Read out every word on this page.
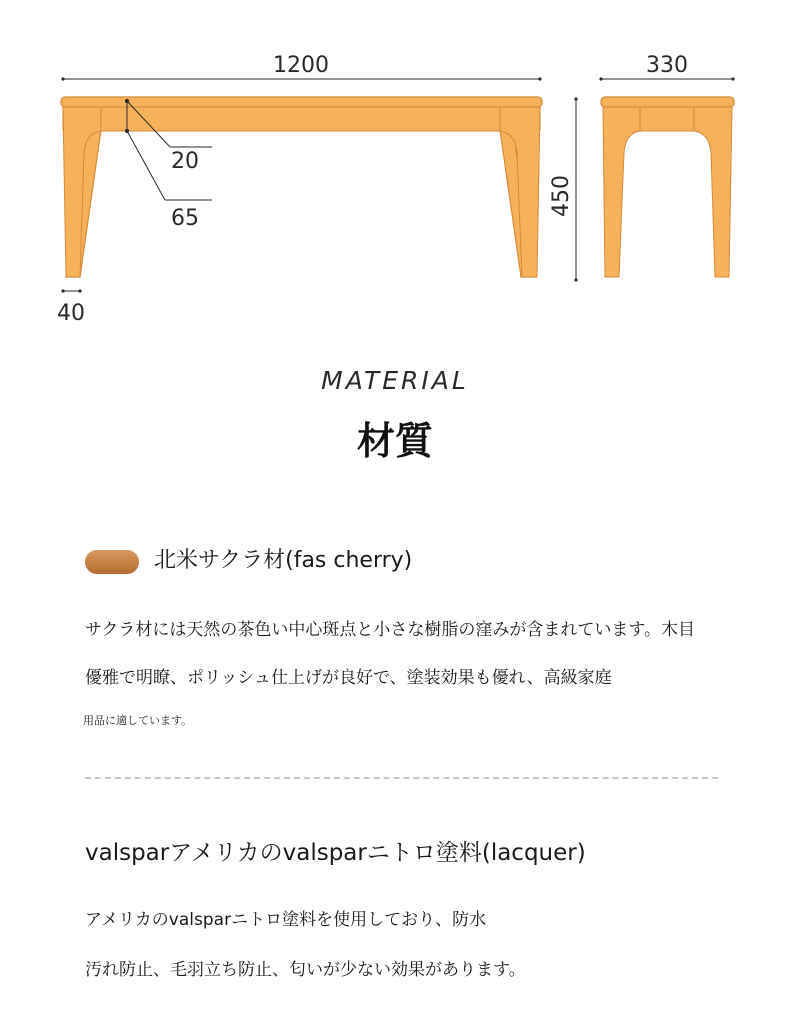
1200	330
450
20
65
40
MATERIAL
材質
北米サクラ材(fas cherry)
サクラ材には天然の茶色い中心斑点と小さな樹脂の窪みが含まれています。木目
優雅で明瞭、ポリッシュ仕上げが良好で、塗装効果も優れ、高級家庭
用品に適しています。
valsparアメリカのvalsparニトロ塗料(lacquer)
アメリカのvalsparニトロ塗料を使用しており、防水
汚れ防止、毛羽立ち防止、匂いが少ない効果があります。
